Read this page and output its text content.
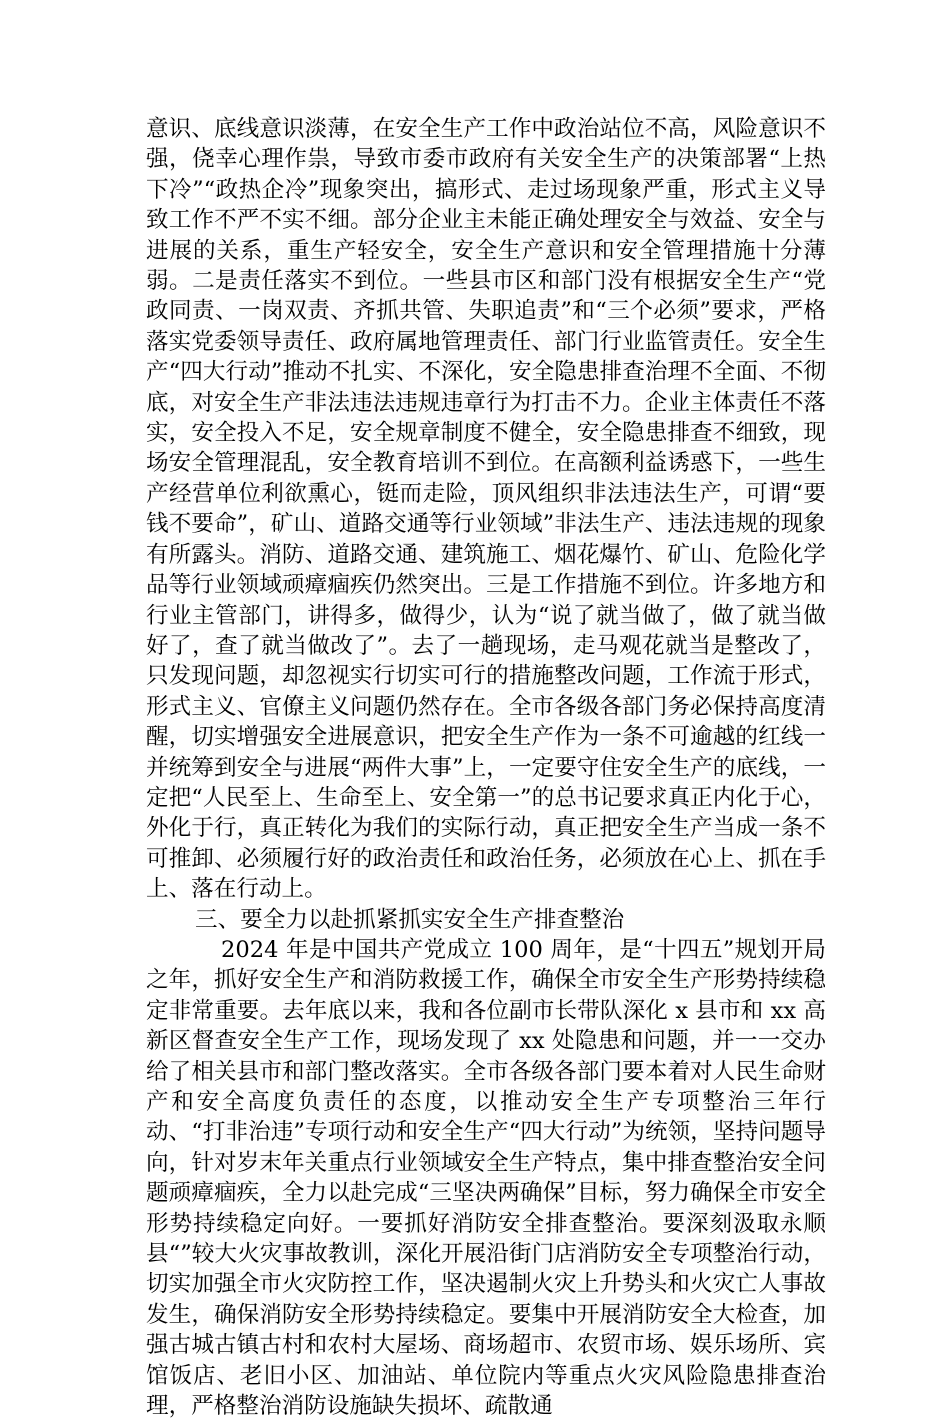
意识、底线意识淡薄，在安全生产工作中政治站位不高，风险意识不强，侥幸心理作祟，导致市委市政府有关安全生产的决策部署“上热下冷”“政热企冷”现象突出，搞形式、走过场现象严重，形式主义导致工作不严不实不细。部分企业主未能正确处理安全与效益、安全与进展的关系，重生产轻安全，安全生产意识和安全管理措施十分薄弱。二是责任落实不到位。一些县市区和部门没有根据安全生产“党政同责、一岗双责、齐抓共管、失职追责”和“三个必须”要求，严格落实党委领导责任、政府属地管理责任、部门行业监管责任。安全生产“四大行动”推动不扎实、不深化，安全隐患排查治理不全面、不彻底，对安全生产非法违法违规违章行为打击不力。企业主体责任不落实，安全投入不足，安全规章制度不健全，安全隐患排查不细致，现场安全管理混乱，安全教育培训不到位。在高额利益诱惑下，一些生产经营单位利欲熏心，铤而走险，顶风组织非法违法生产，可谓“要钱不要命”，矿山、道路交通等行业领域”非法生产、违法违规的现象有所露头。消防、道路交通、建筑施工、烟花爆竹、矿山、危险化学品等行业领域顽瘴痼疾仍然突出。三是工作措施不到位。许多地方和行业主管部门，讲得多，做得少，认为“说了就当做了，做了就当做好了，查了就当做改了”。去了一趟现场，走马观花就当是整改了，只发现问题，却忽视实行切实可行的措施整改问题，工作流于形式，形式主义、官僚主义问题仍然存在。全市各级各部门务必保持高度清醒，切实增强安全进展意识，把安全生产作为一条不可逾越的红线一并统筹到安全与进展“两件大事”上，一定要守住安全生产的底线，一定把“人民至上、生命至上、安全第一”的总书记要求真正内化于心，外化于行，真正转化为我们的实际行动，真正把安全生产当成一条不可推卸、必须履行好的政治责任和政治任务，必须放在心上、抓在手上、落在行动上。

三、要全力以赴抓紧抓实安全生产排查整治

2024 年是中国共产党成立 100 周年，是“十四五”规划开局之年，抓好安全生产和消防救援工作，确保全市安全生产形势持续稳定非常重要。去年底以来，我和各位副市长带队深化 x 县市和 xx 高新区督查安全生产工作，现场发现了 xx 处隐患和问题，并一一交办给了相关县市和部门整改落实。全市各级各部门要本着对人民生命财产和安全高度负责任的态度，以推动安全生产专项整治三年行动、“打非治违”专项行动和安全生产“四大行动”为统领，坚持问题导向，针对岁末年关重点行业领域安全生产特点，集中排查整治安全问题顽瘴痼疾，全力以赴完成“三坚决两确保”目标，努力确保全市安全形势持续稳定向好。一要抓好消防安全排查整治。要深刻汲取永顺县“”较大火灾事故教训，深化开展沿街门店消防安全专项整治行动，切实加强全市火灾防控工作，坚决遏制火灾上升势头和火灾亡人事故发生，确保消防安全形势持续稳定。要集中开展消防安全大检查，加强古城古镇古村和农村大屋场、商场超市、农贸市场、娱乐场所、宾馆饭店、老旧小区、加油站、单位院内等重点火灾风险隐患排查治理，严格整治消防设施缺失损坏、疏散通
